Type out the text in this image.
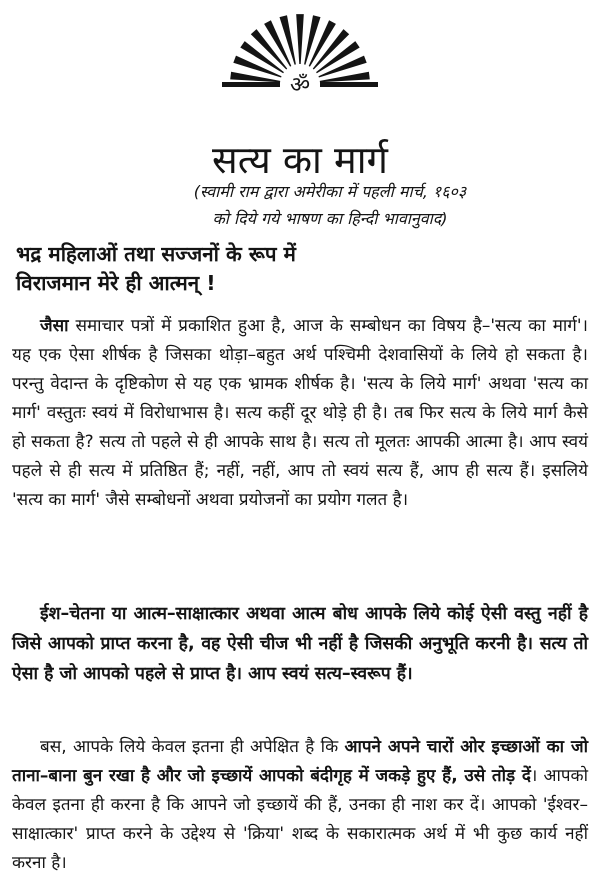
ॐ
सत्य का मार्ग
(स्वामी राम द्वारा अमेरीका में पहली मार्च, १६०३
को दिये गये भाषण का हिन्दी भावानुवाद)
भद्र महिलाओं तथा सज्जनों के रूप में
विराजमान मेरे ही आत्मन् !

जैसा समाचार पत्रों में प्रकाशित हुआ है, आज के सम्बोधन का विषय है–'सत्य का मार्ग'। यह एक ऐसा शीर्षक है जिसका थोड़ा–बहुत अर्थ पश्चिमी देशवासियों के लिये हो सकता है। परन्तु वेदान्त के दृष्टिकोण से यह एक भ्रामक शीर्षक है। 'सत्य के लिये मार्ग' अथवा 'सत्य का मार्ग' वस्तुतः स्वयं में विरोधाभास है। सत्य कहीं दूर थोड़े ही है। तब फिर सत्य के लिये मार्ग कैसे हो सकता है? सत्य तो पहले से ही आपके साथ है। सत्य तो मूलतः आपकी आत्मा है। आप स्वयं पहले से ही सत्य में प्रतिष्ठित हैं; नहीं, नहीं, आप तो स्वयं सत्य हैं, आप ही सत्य हैं। इसलिये 'सत्य का मार्ग' जैसे सम्बोधनों अथवा प्रयोजनों का प्रयोग गलत है।

ईश–चेतना या आत्म–साक्षात्कार अथवा आत्म बोध आपके लिये कोई ऐसी वस्तु नहीं है जिसे आपको प्राप्त करना है, वह ऐसी चीज भी नहीं है जिसकी अनुभूति करनी है। सत्य तो ऐसा है जो आपको पहले से प्राप्त है। आप स्वयं सत्य–स्वरूप हैं।

बस, आपके लिये केवल इतना ही अपेक्षित है कि आपने अपने चारों ओर इच्छाओं का जो ताना–बाना बुन रखा है और जो इच्छायें आपको बंदीगृह में जकड़े हुए हैं, उसे तोड़ दें। आपको केवल इतना ही करना है कि आपने जो इच्छायें की हैं, उनका ही नाश कर दें। आपको 'ईश्वर–साक्षात्कार' प्राप्त करने के उद्देश्य से 'क्रिया' शब्द के सकारात्मक अर्थ में भी कुछ कार्य नहीं करना है।
